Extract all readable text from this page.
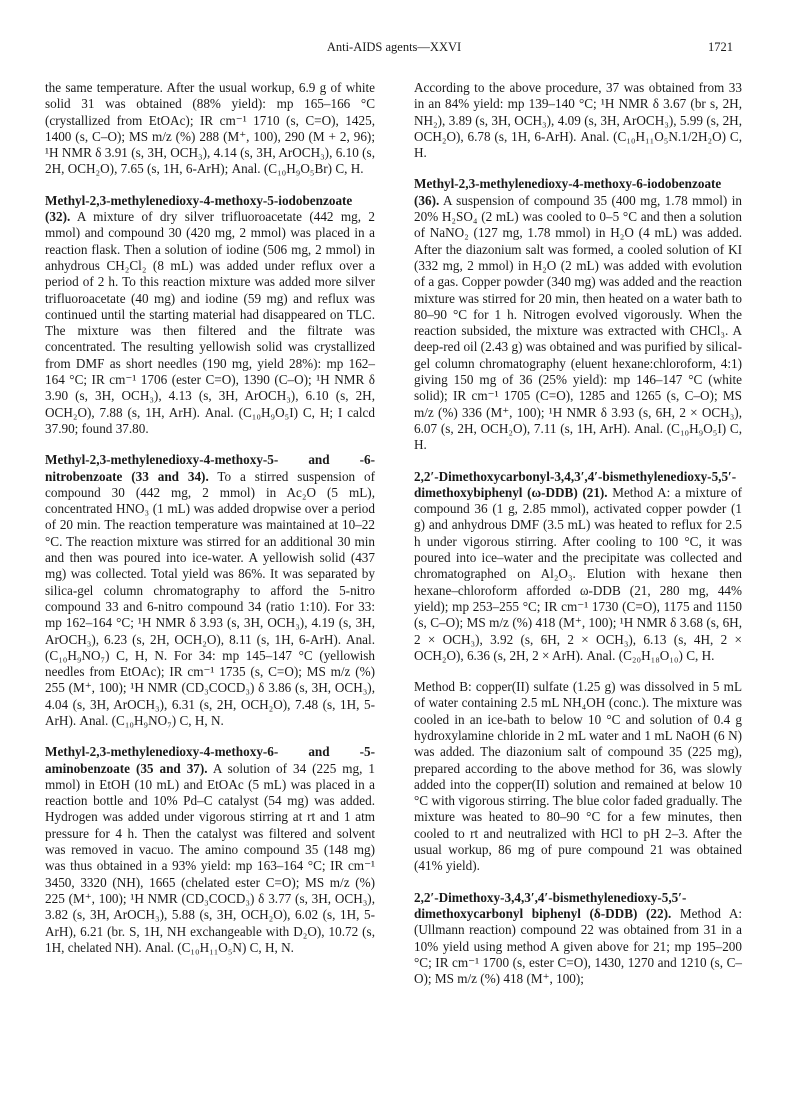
Anti-AIDS agents—XXVI	1721

the same temperature. After the usual workup, 6.9 g of white solid 31 was obtained (88% yield): mp 165–166 °C (crystallized from EtOAc); IR cm⁻¹ 1710 (s, C=O), 1425, 1400 (s, C–O); MS m/z (%) 288 (M⁺, 100), 290 (M + 2, 96); ¹H NMR δ 3.91 (s, 3H, OCH₃), 4.14 (s, 3H, ArOCH₃), 6.10 (s, 2H, OCH₂O), 7.65 (s, 1H, 6-ArH); Anal. (C₁₀H₉O₅Br) C, H.

Methyl-2,3-methylenedioxy-4-methoxy-5-iodobenzoate (32). A mixture of dry silver trifluoroacetate (442 mg, 2 mmol) and compound 30 (420 mg, 2 mmol) was placed in a reaction flask. Then a solution of iodine (506 mg, 2 mmol) in anhydrous CH₂Cl₂ (8 mL) was added under reflux over a period of 2 h. To this reaction mixture was added more silver trifluoroacetate (40 mg) and iodine (59 mg) and reflux was continued until the starting material had disappeared on TLC. The mixture was then filtered and the filtrate was concentrated. The resulting yellowish solid was crystallized from DMF as short needles (190 mg, yield 28%): mp 162–164 °C; IR cm⁻¹ 1706 (ester C=O), 1390 (C–O); ¹H NMR δ 3.90 (s, 3H, OCH₃), 4.13 (s, 3H, ArOCH₃), 6.10 (s, 2H, OCH₂O), 7.88 (s, 1H, ArH). Anal. (C₁₀H₉O₅I) C, H; I calcd 37.90; found 37.80.

Methyl-2,3-methylenedioxy-4-methoxy-5- and -6-nitrobenzoate (33 and 34). To a stirred suspension of compound 30 (442 mg, 2 mmol) in Ac₂O (5 mL), concentrated HNO₃ (1 mL) was added dropwise over a period of 20 min. The reaction temperature was maintained at 10–22 °C. The reaction mixture was stirred for an additional 30 min and then was poured into ice-water. A yellowish solid (437 mg) was collected. Total yield was 86%. It was separated by silica-gel column chromatography to afford the 5-nitro compound 33 and 6-nitro compound 34 (ratio 1:10). For 33: mp 162–164 °C; ¹H NMR δ 3.93 (s, 3H, OCH₃), 4.19 (s, 3H, ArOCH₃), 6.23 (s, 2H, OCH₂O), 8.11 (s, 1H, 6-ArH). Anal. (C₁₀H₉NO₇) C, H, N. For 34: mp 145–147 °C (yellowish needles from EtOAc); IR cm⁻¹ 1735 (s, C=O); MS m/z (%) 255 (M⁺, 100); ¹H NMR (CD₃COCD₃) δ 3.86 (s, 3H, OCH₃), 4.04 (s, 3H, ArOCH₃), 6.31 (s, 2H, OCH₂O), 7.48 (s, 1H, 5-ArH). Anal. (C₁₀H₉NO₇) C, H, N.

Methyl-2,3-methylenedioxy-4-methoxy-6- and -5-aminobenzoate (35 and 37). A solution of 34 (225 mg, 1 mmol) in EtOH (10 mL) and EtOAc (5 mL) was placed in a reaction bottle and 10% Pd–C catalyst (54 mg) was added. Hydrogen was added under vigorous stirring at rt and 1 atm pressure for 4 h. Then the catalyst was filtered and solvent was removed in vacuo. The amino compound 35 (148 mg) was thus obtained in a 93% yield: mp 163–164 °C; IR cm⁻¹ 3450, 3320 (NH), 1665 (chelated ester C=O); MS m/z (%) 225 (M⁺, 100); ¹H NMR (CD₃COCD₃) δ 3.77 (s, 3H, OCH₃), 3.82 (s, 3H, ArOCH₃), 5.88 (s, 3H, OCH₂O), 6.02 (s, 1H, 5-ArH), 6.21 (br. S, 1H, NH exchangeable with D₂O), 10.72 (s, 1H, chelated NH). Anal. (C₁₀H₁₁O₅N) C, H, N.

According to the above procedure, 37 was obtained from 33 in an 84% yield: mp 139–140 °C; ¹H NMR δ 3.67 (br s, 2H, NH₂), 3.89 (s, 3H, OCH₃), 4.09 (s, 3H, ArOCH₃), 5.99 (s, 2H, OCH₂O), 6.78 (s, 1H, 6-ArH). Anal. (C₁₀H₁₁O₅N.1/2H₂O) C, H.

Methyl-2,3-methylenedioxy-4-methoxy-6-iodobenzoate (36). A suspension of compound 35 (400 mg, 1.78 mmol) in 20% H₂SO₄ (2 mL) was cooled to 0–5 °C and then a solution of NaNO₂ (127 mg, 1.78 mmol) in H₂O (4 mL) was added. After the diazonium salt was formed, a cooled solution of KI (332 mg, 2 mmol) in H₂O (2 mL) was added with evolution of a gas. Copper powder (340 mg) was added and the reaction mixture was stirred for 20 min, then heated on a water bath to 80–90 °C for 1 h. Nitrogen evolved vigorously. When the reaction subsided, the mixture was extracted with CHCl₃. A deep-red oil (2.43 g) was obtained and was purified by silical-gel column chromatography (eluent hexane:chloroform, 4:1) giving 150 mg of 36 (25% yield): mp 146–147 °C (white solid); IR cm⁻¹ 1705 (C=O), 1285 and 1265 (s, C–O); MS m/z (%) 336 (M⁺, 100); ¹H NMR δ 3.93 (s, 6H, 2 × OCH₃), 6.07 (s, 2H, OCH₂O), 7.11 (s, 1H, ArH). Anal. (C₁₀H₉O₅I) C, H.

2,2′-Dimethoxycarbonyl-3,4,3′,4′-bismethylenedioxy-5,5′-dimethoxybiphenyl (ω-DDB) (21). Method A: a mixture of compound 36 (1 g, 2.85 mmol), activated copper powder (1 g) and anhydrous DMF (3.5 mL) was heated to reflux for 2.5 h under vigorous stirring. After cooling to 100 °C, it was poured into ice–water and the precipitate was collected and chromatographed on Al₂O₃. Elution with hexane then hexane–chloroform afforded ω-DDB (21, 280 mg, 44% yield); mp 253–255 °C; IR cm⁻¹ 1730 (C=O), 1175 and 1150 (s, C–O); MS m/z (%) 418 (M⁺, 100); ¹H NMR δ 3.68 (s, 6H, 2 × OCH₃), 3.92 (s, 6H, 2 × OCH₃), 6.13 (s, 4H, 2 × OCH₂O), 6.36 (s, 2H, 2 × ArH). Anal. (C₂₀H₁₈O₁₀) C, H.

Method B: copper(II) sulfate (1.25 g) was dissolved in 5 mL of water containing 2.5 mL NH₄OH (conc.). The mixture was cooled in an ice-bath to below 10 °C and solution of 0.4 g hydroxylamine chloride in 2 mL water and 1 mL NaOH (6 N) was added. The diazonium salt of compound 35 (225 mg), prepared according to the above method for 36, was slowly added into the copper(II) solution and remained at below 10 °C with vigorous stirring. The blue color faded gradually. The mixture was heated to 80–90 °C for a few minutes, then cooled to rt and neutralized with HCl to pH 2–3. After the usual workup, 86 mg of pure compound 21 was obtained (41% yield).

2,2′-Dimethoxy-3,4,3′,4′-bismethylenedioxy-5,5′-dimethoxycarbonyl biphenyl (δ-DDB) (22). Method A: (Ullmann reaction) compound 22 was obtained from 31 in a 10% yield using method A given above for 21; mp 195–200 °C; IR cm⁻¹ 1700 (s, ester C=O), 1430, 1270 and 1210 (s, C–O); MS m/z (%) 418 (M⁺, 100);
